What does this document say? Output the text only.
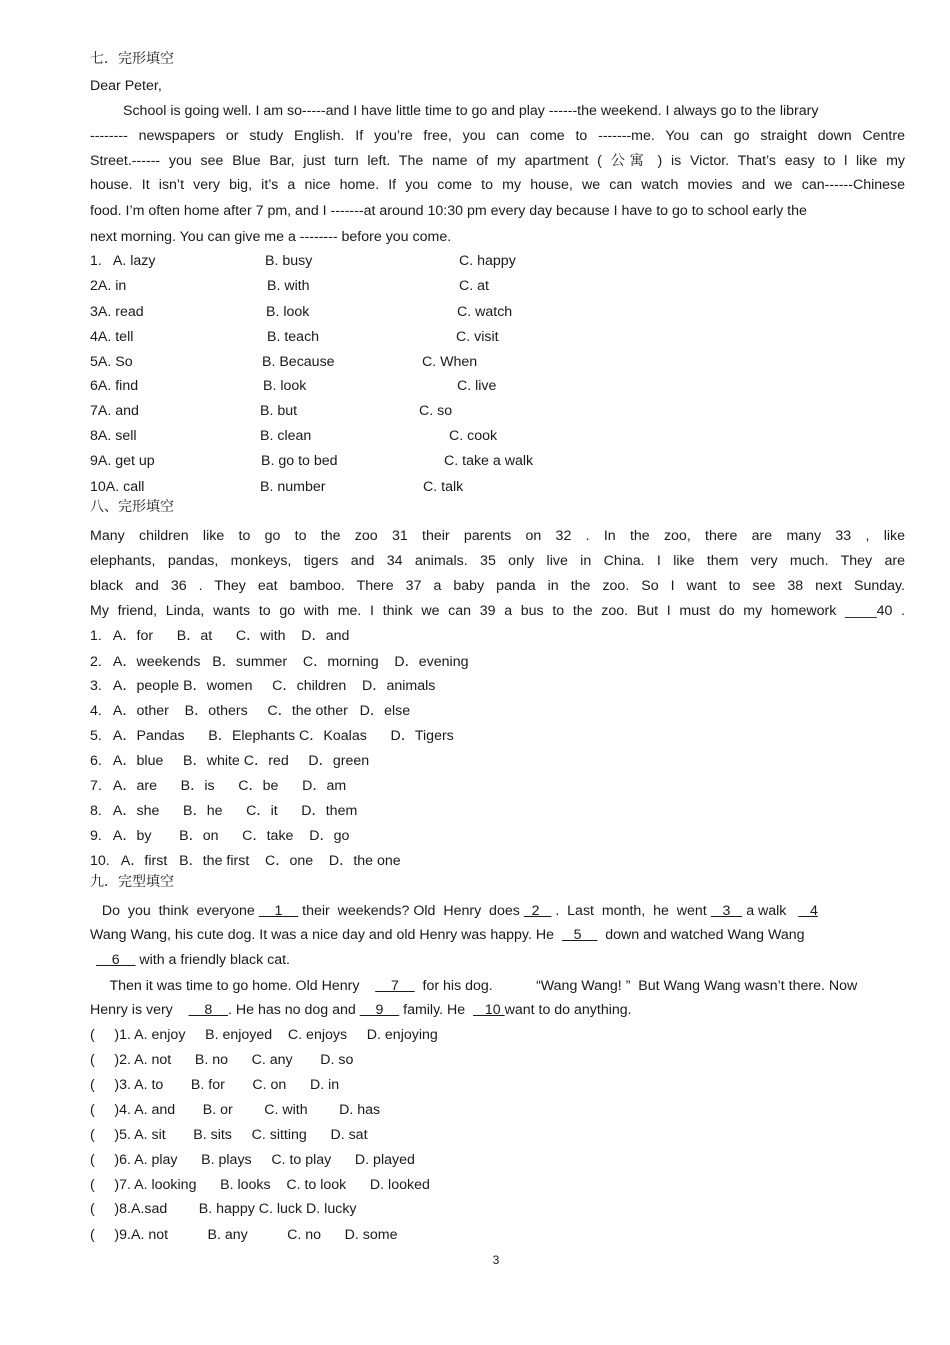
七．完形填空
Dear Peter,
School is going well. I am so-----and I have little time to go and play ------the weekend. I always go to the library
-------- newspapers or study English. If you’re free, you can come to -------me. You can go straight down Centre
Street.------ you see Blue Bar, just turn left. The name of my apartment ( 公寓 ) is Victor. That’s easy to l like my
house. It isn’t very big, it’s a nice home. If you come to my house, we can watch movies and we can------Chinese
food. I’m often home after 7 pm, and I -------at around 10:30 pm every day because I have to go to school early the
next morning. You can give me a -------- before you come.
1.   A. lazy	B. busy	C. happy
2A. in	B. with	C. at
3A. read	B. look	C. watch
4A. tell	B. teach	C. visit
5A. So	B. Because	C. When
6A. find	B. look	C. live
7A. and	B. but	C. so
8A. sell	B. clean	C. cook
9A. get up	B. go to bed	C. take a walk
10A. call	B. number	C. talk
八、完形填空
Many children like to go to the zoo 31 their parents on 32 . In the zoo, there are many 33 , like
elephants, pandas, monkeys, tigers and 34 animals. 35 only live in China. I like them very much. They are
black and 36 . They eat bamboo. There 37 a baby panda in the zoo. So I want to see 38 next Sunday.
My friend, Linda, wants to go with me. I think we can 39 a bus to the zoo. But I must do my homework ____40 .
1.   A．for      B．at      C．with    D．and
2.   A．weekends   B．summer    C．morning    D．evening
3.   A．people B．women     C．children    D．animals
4.   A．other    B．others     C．the other   D．else
5.   A．Pandas      B．Elephants C．Koalas      D．Tigers
6.   A．blue     B．white C．red     D．green
7.   A．are      B．is      C．be      D．am
8.   A．she      B．he      C．it      D．them
9.   A．by       B．on      C．take    D．go
10.   A．first   B．the first    C．one    D．the one
九．完型填空
Do  you  think  everyone     1     their  weekends? Old  Henry  does   2    .  Last  month,  he  went    3    a walk      4
Wang Wang, his cute dog. It was a nice day and old Henry was happy. He     5      down and watched Wang Wang
6     with a friendly black cat.
Then it was time to go home. Old Henry        7      for his dog.           “Wang Wang! ”  But Wang Wang wasn’t there. Now
Henry is very        8    . He has no dog and     9     family. He     10 want to do anything.
(     )1. A. enjoy     B. enjoyed    C. enjoys     D. enjoying
(     )2. A. not      B. no      C. any       D. so
(     )3. A. to       B. for       C. on      D. in
(     )4. A. and       B. or        C. with        D. has
(     )5. A. sit       B. sits     C. sitting      D. sat
(     )6. A. play      B. plays     C. to play      D. played
(     )7. A. looking      B. looks    C. to look      D. looked
(     )8.A.sad        B. happy C. luck D. lucky
(     )9.A. not          B. any          C. no      D. some
3
